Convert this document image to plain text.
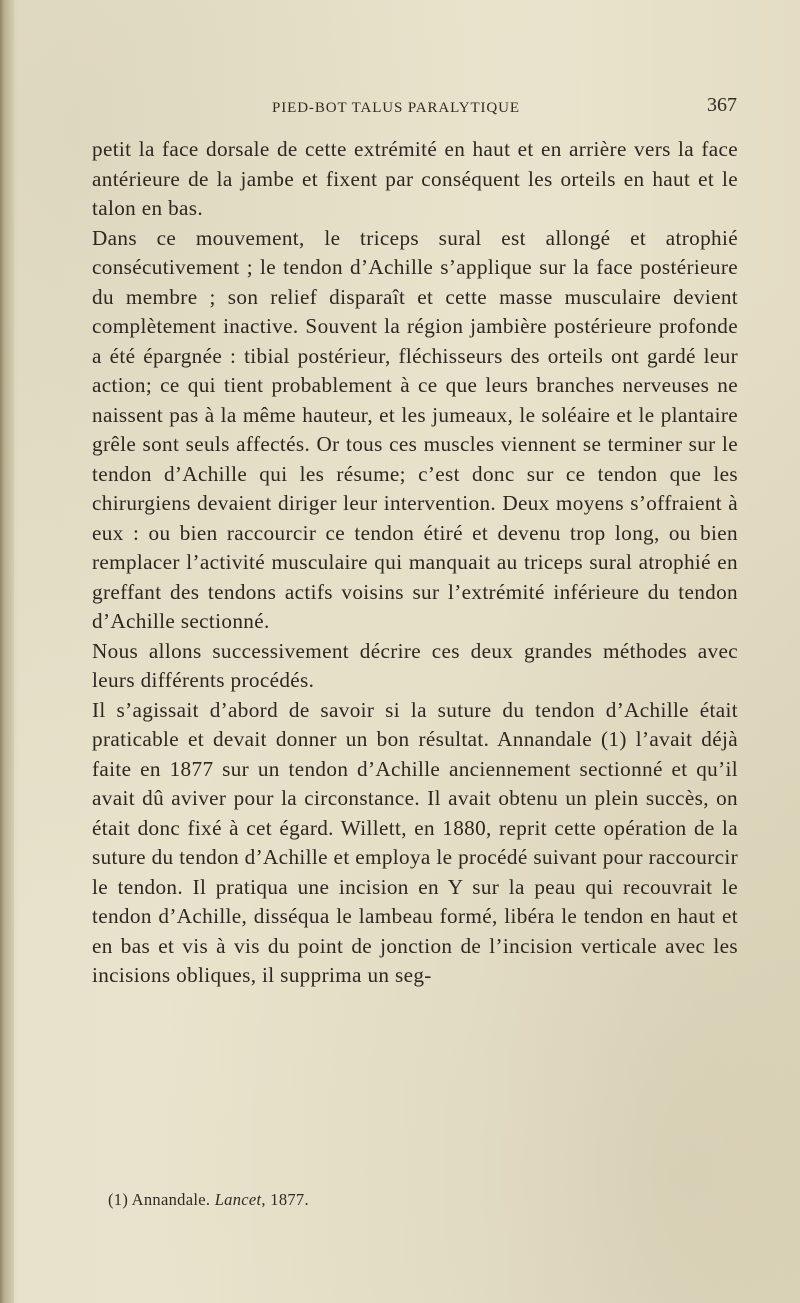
PIED-BOT TALUS PARALYTIQUE	367

petit la face dorsale de cette extrémité en haut et en arrière vers la face antérieure de la jambe et fixent par conséquent les orteils en haut et le talon en bas.

Dans ce mouvement, le triceps sural est allongé et atrophié consécutivement ; le tendon d’Achille s’applique sur la face postérieure du membre ; son relief disparaît et cette masse musculaire devient complètement inactive. Souvent la région jambière postérieure profonde a été épargnée : tibial postérieur, fléchisseurs des orteils ont gardé leur action; ce qui tient probablement à ce que leurs branches nerveuses ne naissent pas à la même hauteur, et les jumeaux, le soléaire et le plantaire grêle sont seuls affectés. Or tous ces muscles viennent se terminer sur le tendon d’Achille qui les résume; c’est donc sur ce tendon que les chirurgiens devaient diriger leur intervention. Deux moyens s’offraient à eux : ou bien raccourcir ce tendon étiré et devenu trop long, ou bien remplacer l’activité musculaire qui manquait au triceps sural atrophié en greffant des tendons actifs voisins sur l’extrémité inférieure du tendon d’Achille sectionné.

Nous allons successivement décrire ces deux grandes méthodes avec leurs différents procédés.

Il s’agissait d’abord de savoir si la suture du tendon d’Achille était praticable et devait donner un bon résultat. Annandale (1) l’avait déjà faite en 1877 sur un tendon d’Achille anciennement sectionné et qu’il avait dû aviver pour la circonstance. Il avait obtenu un plein succès, on était donc fixé à cet égard. Willett, en 1880, reprit cette opération de la suture du tendon d’Achille et employa le procédé suivant pour raccourcir le tendon. Il pratiqua une incision en Y sur la peau qui recouvrait le tendon d’Achille, disséqua le lambeau formé, libéra le tendon en haut et en bas et vis à vis du point de jonction de l’incision verticale avec les incisions obliques, il supprima un seg-

(1) Annandale. Lancet, 1877.
